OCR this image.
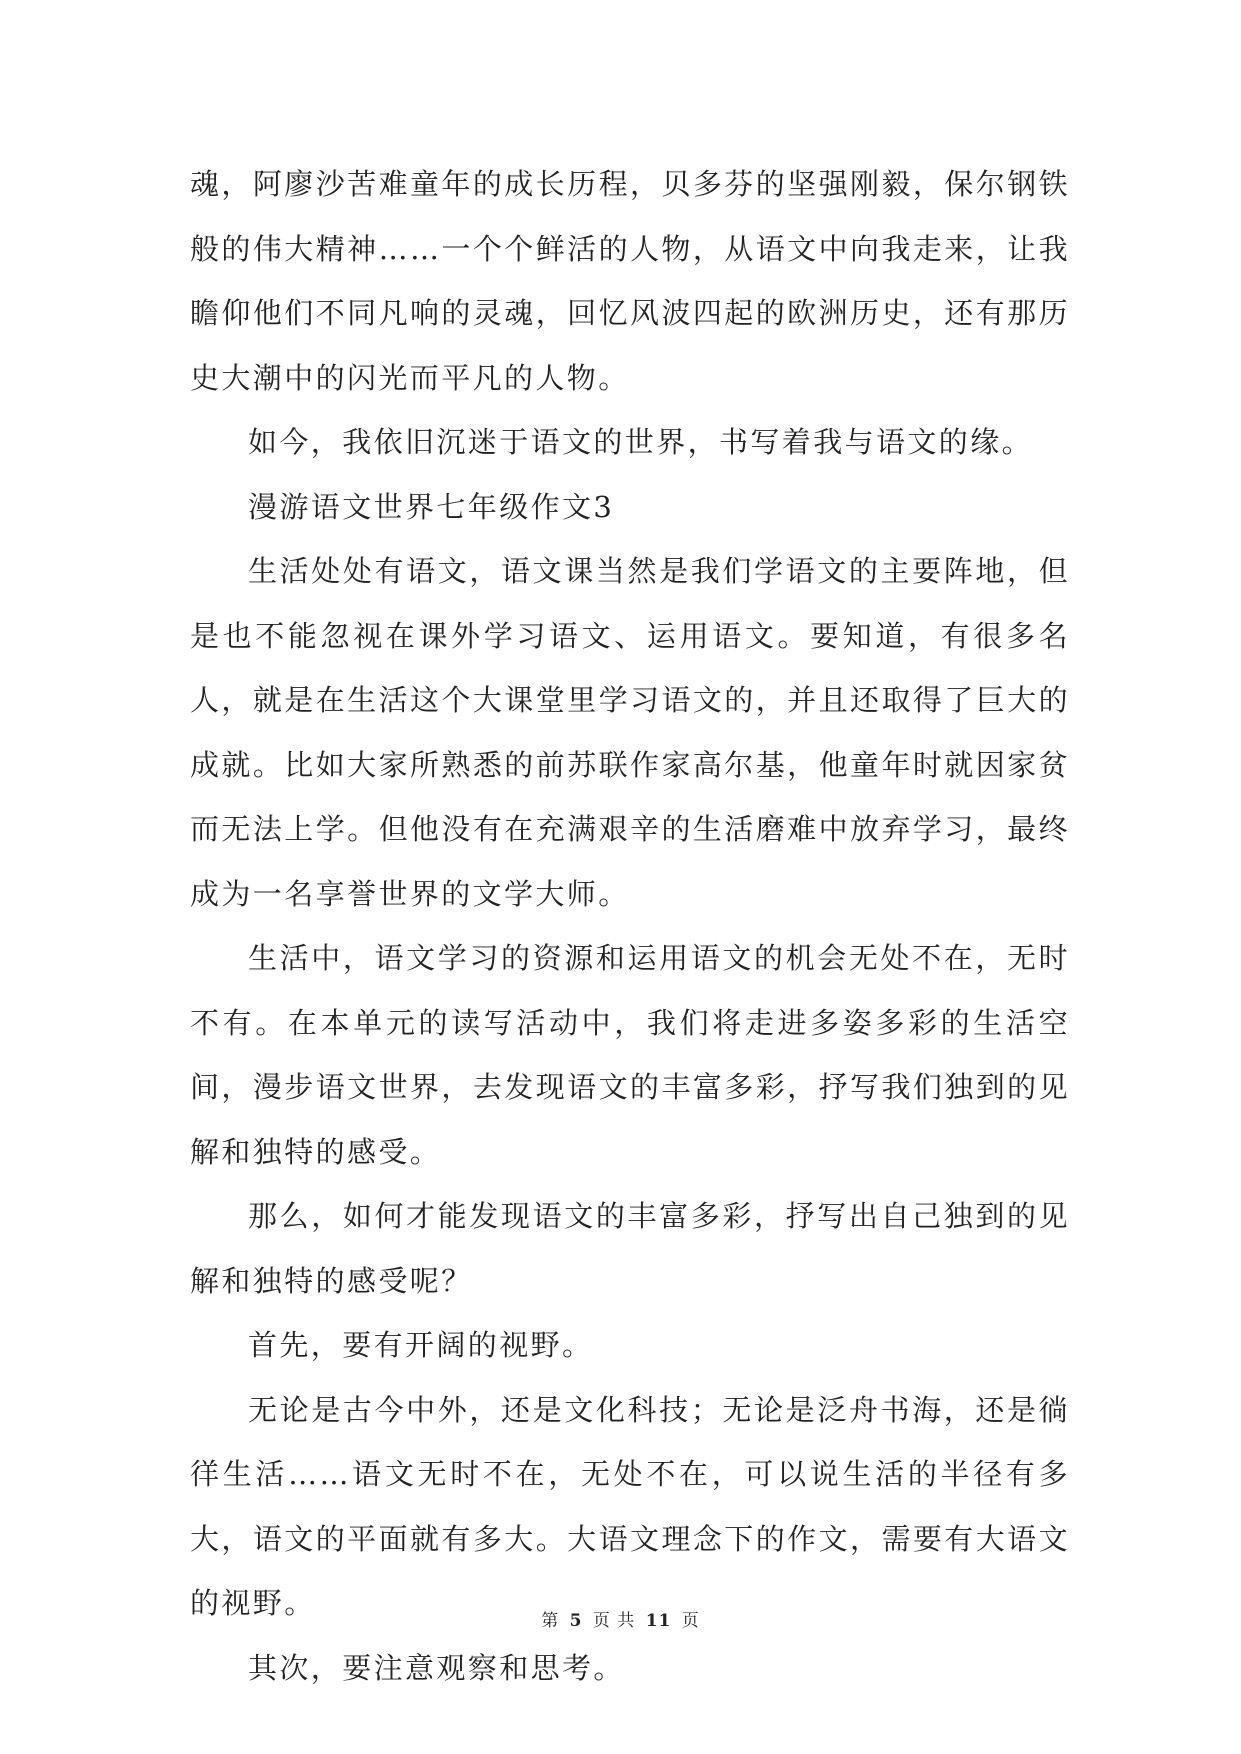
魂，阿廖沙苦难童年的成长历程，贝多芬的坚强刚毅，保尔钢铁般的伟大精神……一个个鲜活的人物，从语文中向我走来，让我瞻仰他们不同凡响的灵魂，回忆风波四起的欧洲历史，还有那历史大潮中的闪光而平凡的人物。

如今，我依旧沉迷于语文的世界，书写着我与语文的缘。

漫游语文世界七年级作文3

生活处处有语文，语文课当然是我们学语文的主要阵地，但是也不能忽视在课外学习语文、运用语文。要知道，有很多名人，就是在生活这个大课堂里学习语文的，并且还取得了巨大的成就。比如大家所熟悉的前苏联作家高尔基，他童年时就因家贫而无法上学。但他没有在充满艰辛的生活磨难中放弃学习，最终成为一名享誉世界的文学大师。

生活中，语文学习的资源和运用语文的机会无处不在，无时不有。在本单元的读写活动中，我们将走进多姿多彩的生活空间，漫步语文世界，去发现语文的丰富多彩，抒写我们独到的见解和独特的感受。

那么，如何才能发现语文的丰富多彩，抒写出自己独到的见解和独特的感受呢？

首先，要有开阔的视野。

无论是古今中外，还是文化科技；无论是泛舟书海，还是徜徉生活……语文无时不在，无处不在，可以说生活的半径有多大，语文的平面就有多大。大语文理念下的作文，需要有大语文的视野。

其次，要注意观察和思考。

第 5 页 共 11 页
